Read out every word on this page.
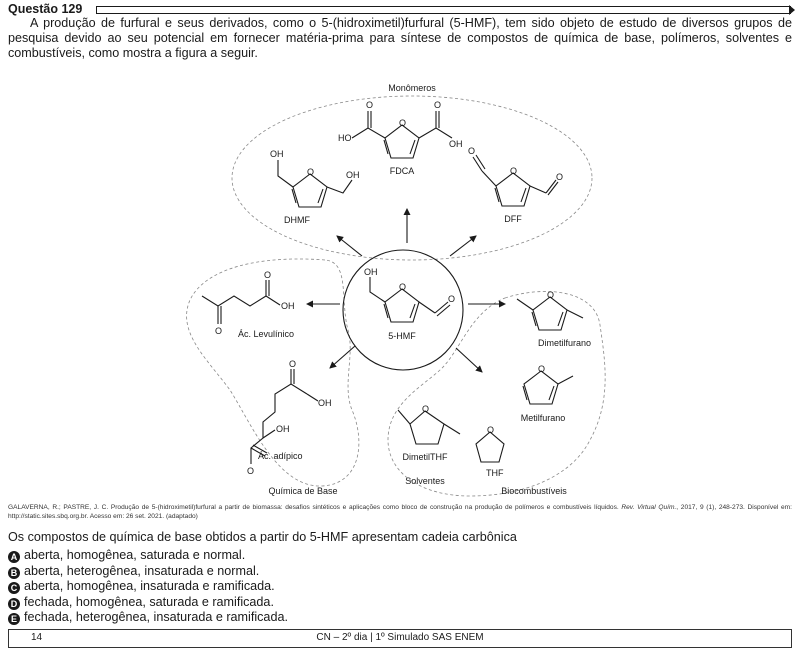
Questão 129

A produção de furfural e seus derivados, como o 5-(hidroximetil)furfural (5-HMF), tem sido objeto de estudo de diversos grupos de pesquisa devido ao seu potencial em fornecer matéria-prima para síntese de compostos de química de base, polímeros, solventes e combustíveis, como mostra a figura a seguir.

HO
OH
O	O
O
OH
OH
O
O
O
O
OH
O
O
O
O
OH
O
OH
OH
O
O
O
O
O
Monômeros
FDCA
DHMF	DFF
5-HMF
Ác. Levulínico
Ác. adípico
Química de Base
Dimetilfurano
Metilfurano
DimetilTHF
THF
Solventes
Biocombustíveis
GALAVERNA, R.; PASTRE, J. C. Produção de 5-(hidroximetil)furfural a partir de biomassa: desafios sintéticos e aplicações como bloco de construção na produção de polímeros e combustíveis líquidos. Rev. Virtual Quím., 2017, 9 (1), 248-273. Disponível em: http://static.sites.sbq.org.br. Acesso em: 26 set. 2021. (adaptado)
Os compostos de química de base obtidos a partir do 5-HMF apresentam cadeia carbônica
A aberta, homogênea, saturada e normal.
B aberta, heterogênea, insaturada e normal.
C aberta, homogênea, insaturada e ramificada.
D fechada, homogênea, saturada e ramificada.
E fechada, heterogênea, insaturada e ramificada.
CN – 2º dia | 1º Simulado SAS ENEM
14
